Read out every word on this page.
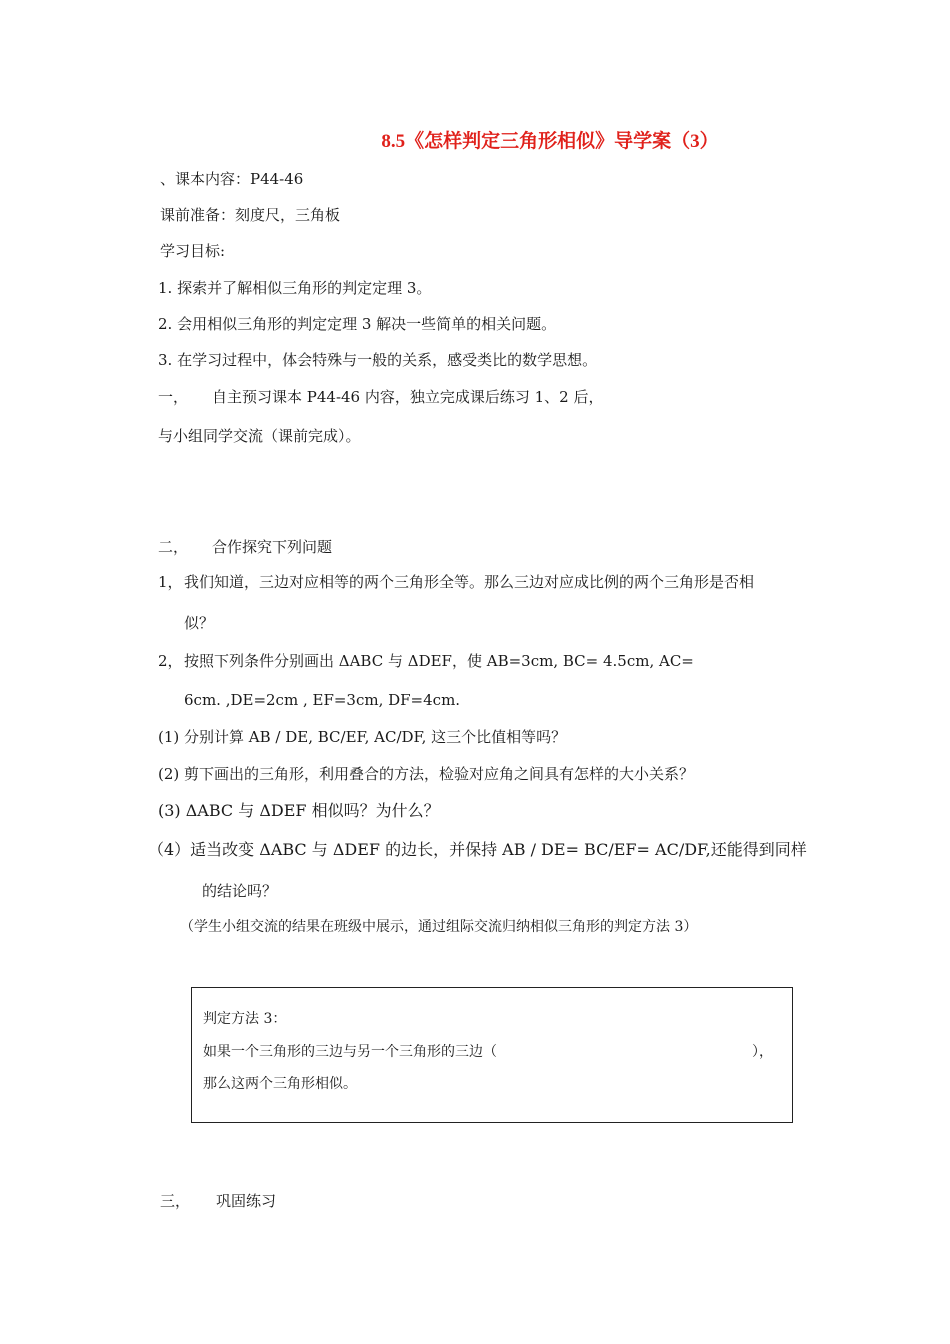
8.5《怎样判定三角形相似》导学案（3）
、课本内容：P44-46
课前准备：刻度尺，三角板
学习目标:
1. 探索并了解相似三角形的判定定理 3。
2. 会用相似三角形的判定定理 3 解决一些简单的相关问题。
3. 在学习过程中，体会特殊与一般的关系，感受类比的数学思想。
一， 自主预习课本 P44-46 内容，独立完成课后练习 1、2 后，
与小组同学交流（课前完成）。
二， 合作探究下列问题
1， 我们知道，三边对应相等的两个三角形全等。那么三边对应成比例的两个三角形是否相
似？
2， 按照下列条件分别画出 ΔABC 与 ΔDEF，使 AB=3cm, BC= 4.5cm, AC=
6cm. ,DE=2cm , EF=3cm, DF=4cm.
(1) 分别计算 AB / DE, BC/EF, AC/DF, 这三个比值相等吗？
(2) 剪下画出的三角形，利用叠合的方法，检验对应角之间具有怎样的大小关系？
(3) ΔABC 与 ΔDEF 相似吗？为什么？
（4）适当改变 ΔABC 与 ΔDEF 的边长，并保持 AB / DE= BC/EF= AC/DF,还能得到同样
的结论吗？
（学生小组交流的结果在班级中展示，通过组际交流归纳相似三角形的判定方法 3）
判定方法 3：
如果一个三角形的三边与另一个三角形的三边（	），
那么这两个三角形相似。
三， 巩固练习
